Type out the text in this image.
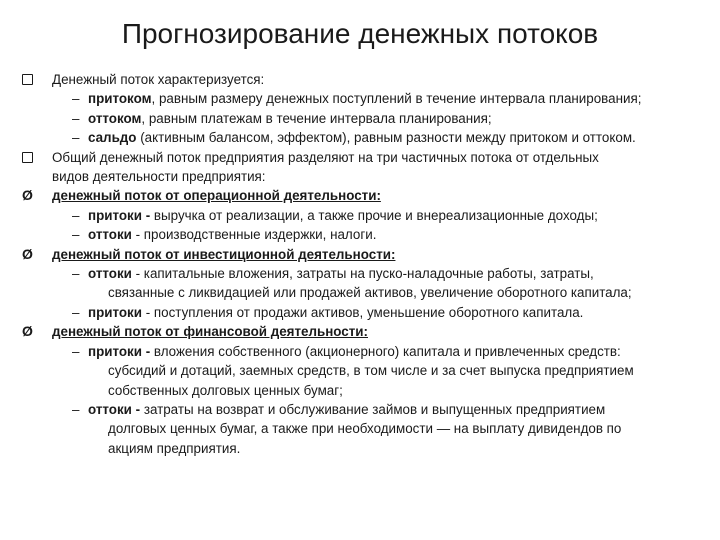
Прогнозирование денежных потоков
Денежный поток характеризуется:
– притоком, равным размеру денежных поступлений в течение интервала планирования;
– оттоком, равным платежам в течение интервала планирования;
– сальдо (активным балансом, эффектом), равным разности между притоком и оттоком.
Общий денежный поток предприятия разделяют на три частичных потока от отдельных
видов деятельности предприятия:
Ø	денежный поток от операционной деятельности:
– притоки - выручка от реализации, а также прочие и внереализационные доходы;
– оттоки - производственные издержки, налоги.
Ø	денежный поток от инвестиционной деятельности:
– оттоки - капитальные вложения, затраты на пуско-наладочные работы, затраты,
связанные с ликвидацией или продажей активов, увеличение оборотного капитала;
– притоки - поступления от продажи активов, уменьшение оборотного капитала.
Ø	денежный поток от финансовой деятельности:
– притоки - вложения собственного (акционерного) капитала и привлеченных средств:
субсидий и дотаций, заемных средств, в том числе и за счет выпуска предприятием
собственных долговых ценных бумаг;
– оттоки - затраты на возврат и обслуживание займов и выпущенных предприятием
долговых ценных бумаг, а также при необходимости — на выплату дивидендов по
акциям предприятия.
